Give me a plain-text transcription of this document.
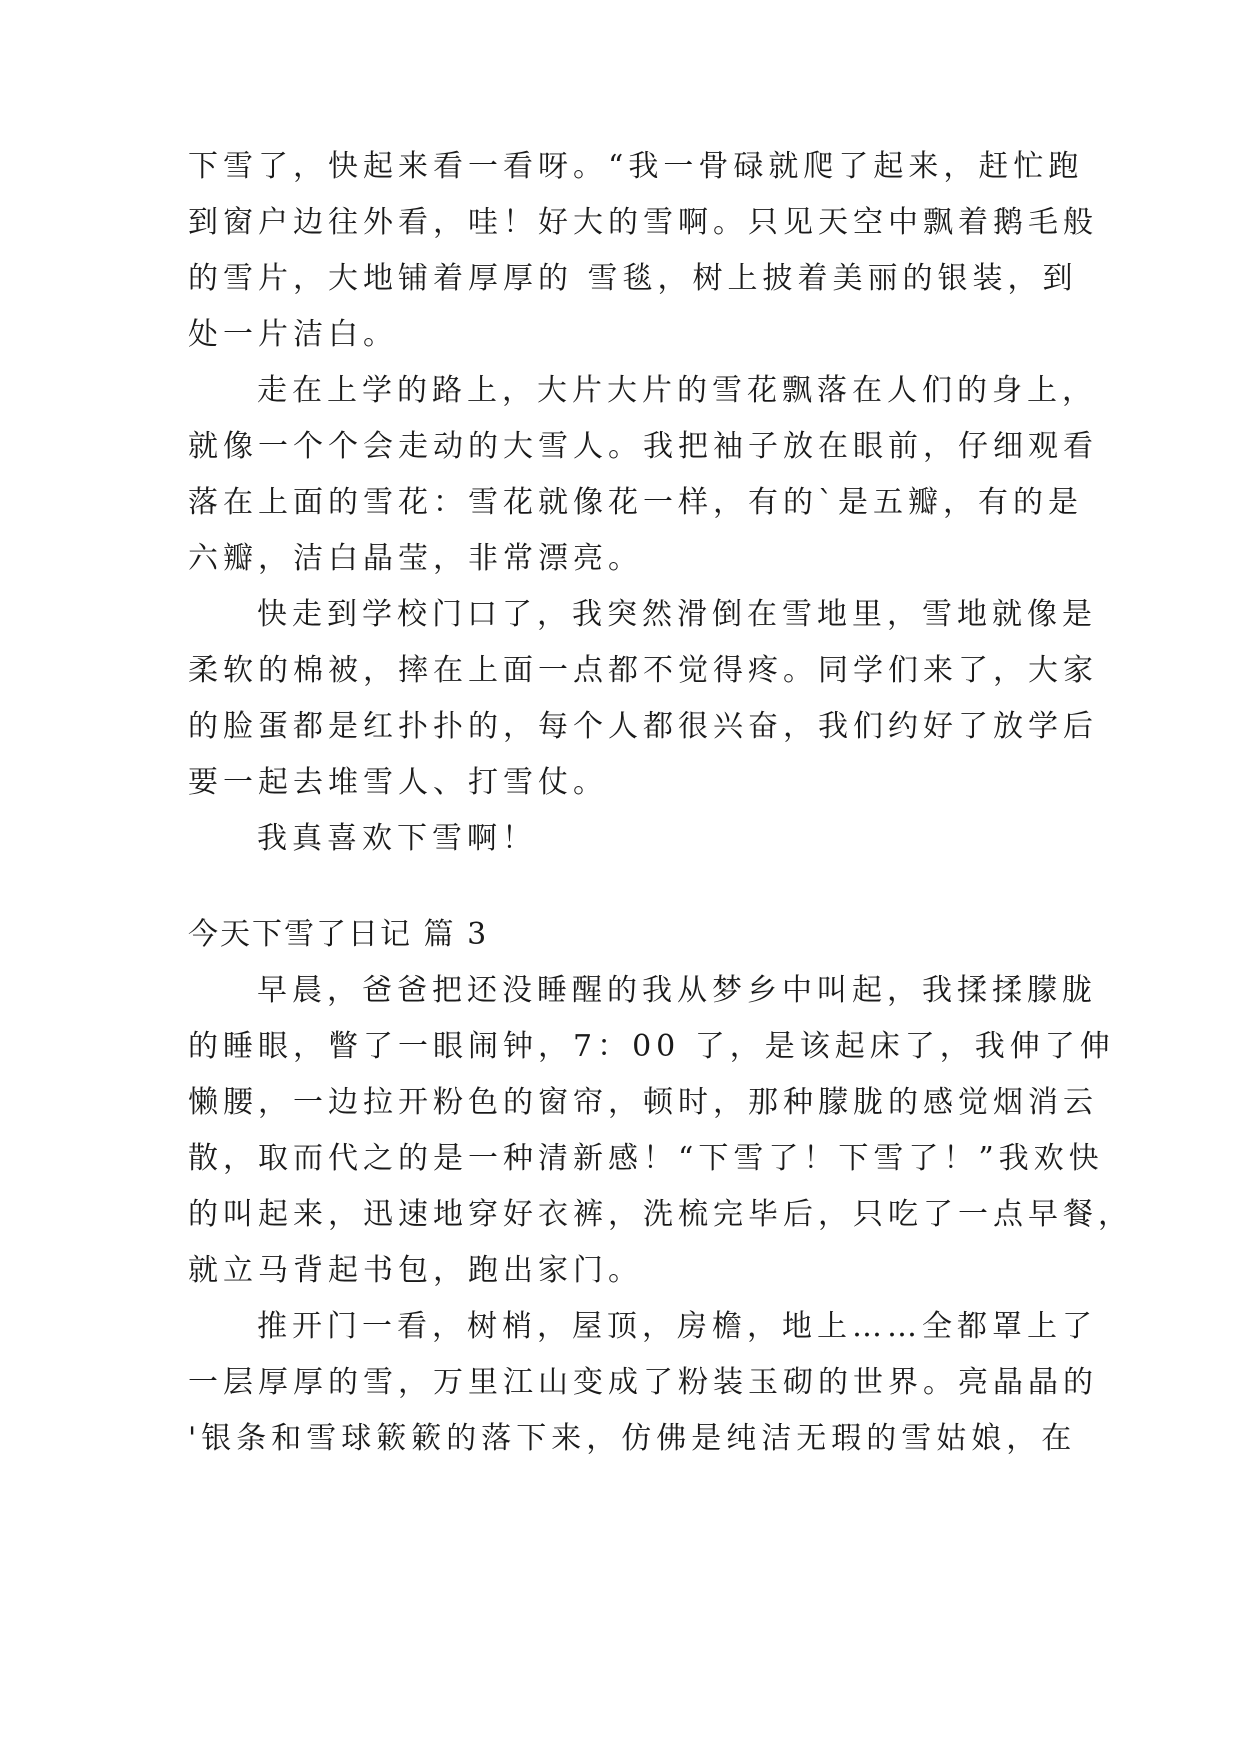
下雪了，快起来看一看呀。“我一骨碌就爬了起来，赶忙跑
到窗户边往外看，哇！好大的雪啊。只见天空中飘着鹅毛般
的雪片，大地铺着厚厚的 雪毯，树上披着美丽的银装，到
处一片洁白。
走在上学的路上，大片大片的雪花飘落在人们的身上，
就像一个个会走动的大雪人。我把袖子放在眼前，仔细观看
落在上面的雪花：雪花就像花一样，有的`是五瓣，有的是
六瓣，洁白晶莹，非常漂亮。
快走到学校门口了，我突然滑倒在雪地里，雪地就像是
柔软的棉被，摔在上面一点都不觉得疼。同学们来了，大家
的脸蛋都是红扑扑的，每个人都很兴奋，我们约好了放学后
要一起去堆雪人、打雪仗。
我真喜欢下雪啊！
今天下雪了日记 篇 3
早晨，爸爸把还没睡醒的我从梦乡中叫起，我揉揉朦胧
的睡眼，瞥了一眼闹钟，7：00 了，是该起床了，我伸了伸
懒腰，一边拉开粉色的窗帘，顿时，那种朦胧的感觉烟消云
散，取而代之的是一种清新感！“下雪了！下雪了！”我欢快
的叫起来，迅速地穿好衣裤，洗梳完毕后，只吃了一点早餐，
就立马背起书包，跑出家门。
推开门一看，树梢，屋顶，房檐，地上……全都罩上了
一层厚厚的雪，万里江山变成了粉装玉砌的世界。亮晶晶的
'银条和雪球簌簌的落下来，仿佛是纯洁无瑕的雪姑娘，在
